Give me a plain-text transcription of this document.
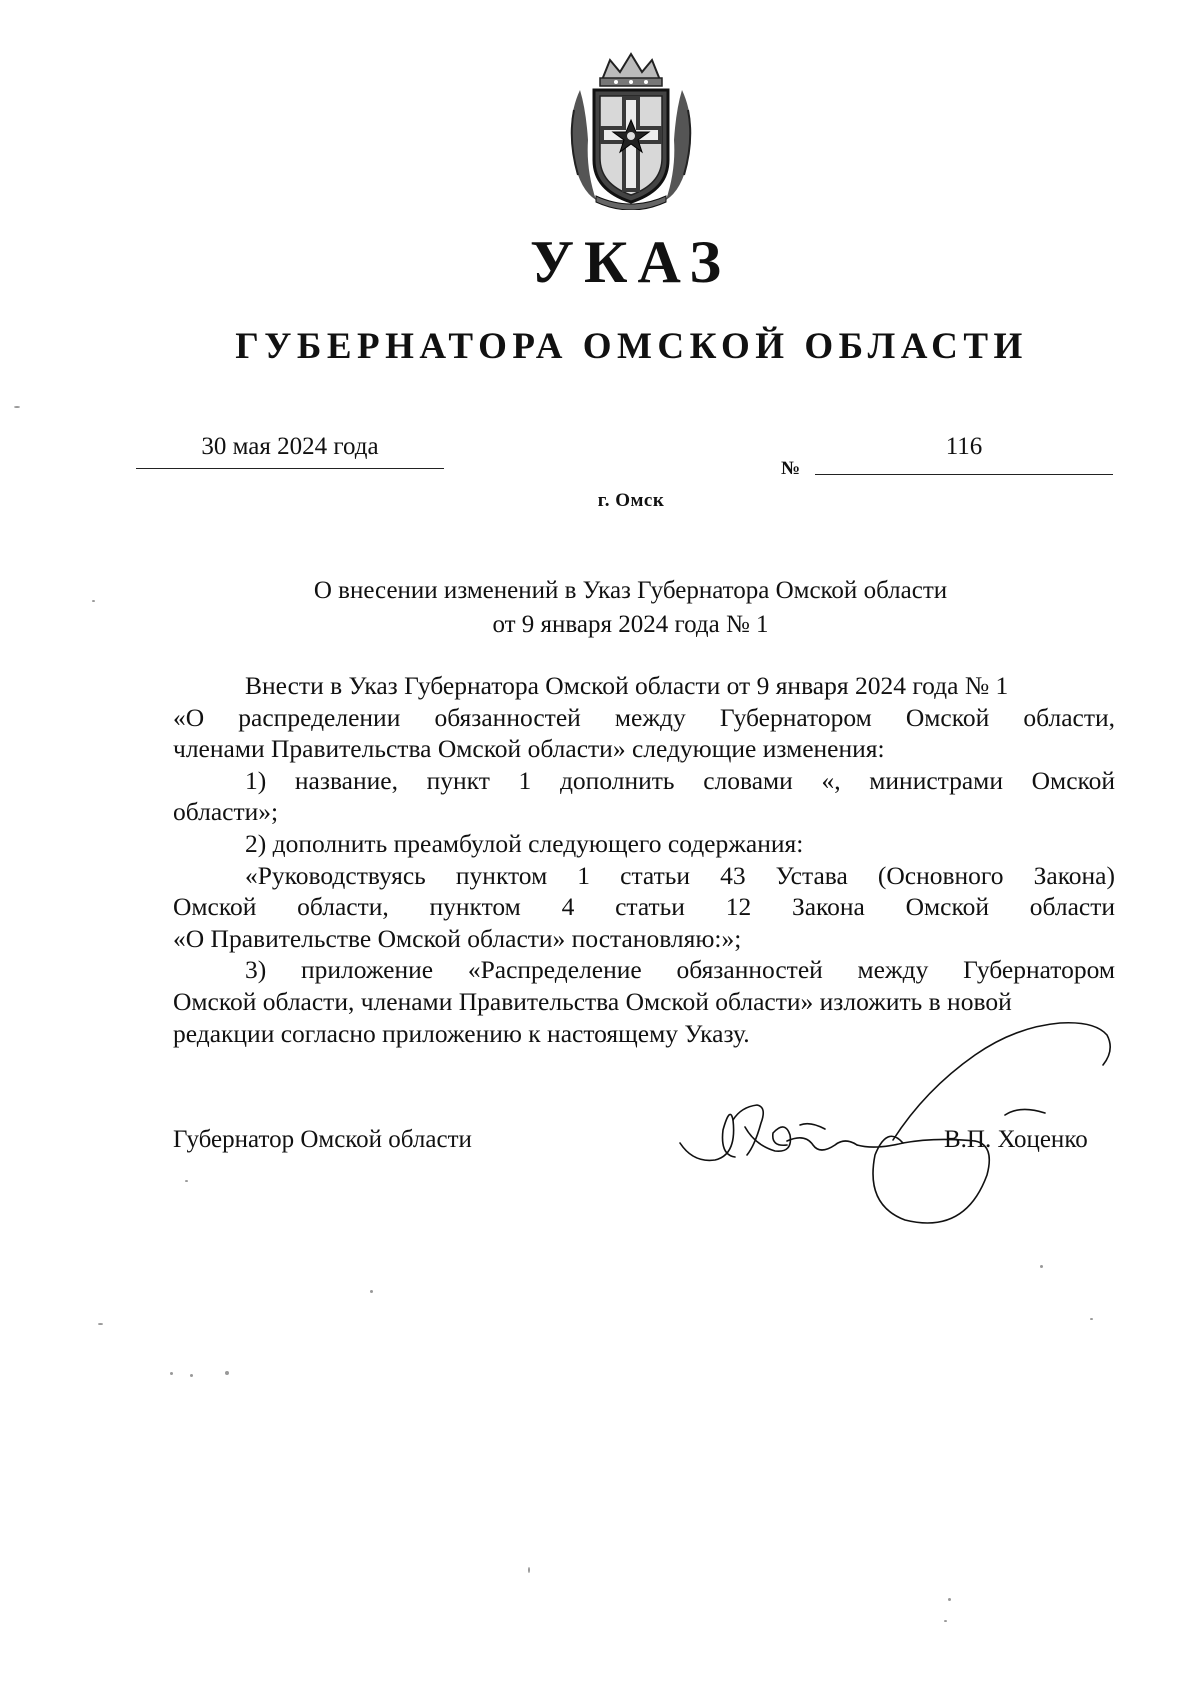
УКАЗ
ГУБЕРНАТОРА ОМСКОЙ ОБЛАСТИ
30 мая 2024 года
№
116
г. Омск
О внесении изменений в Указ Губернатора Омской области
от 9 января 2024 года № 1
Внести в Указ Губернатора Омской области от 9 января 2024 года № 1
«О распределении обязанностей между Губернатором Омской области,
членами Правительства Омской области» следующие изменения:
1) название, пункт 1 дополнить словами «, министрами Омской
области»;
2) дополнить преамбулой следующего содержания:
«Руководствуясь пунктом 1 статьи 43 Устава (Основного Закона)
Омской области, пунктом 4 статьи 12 Закона Омской области
«О Правительстве Омской области» постановляю:»;
3) приложение «Распределение обязанностей между Губернатором
Омской области, членами Правительства Омской области» изложить в новой
редакции согласно приложению к настоящему Указу.
Губернатор Омской области	В.П. Хоценко
